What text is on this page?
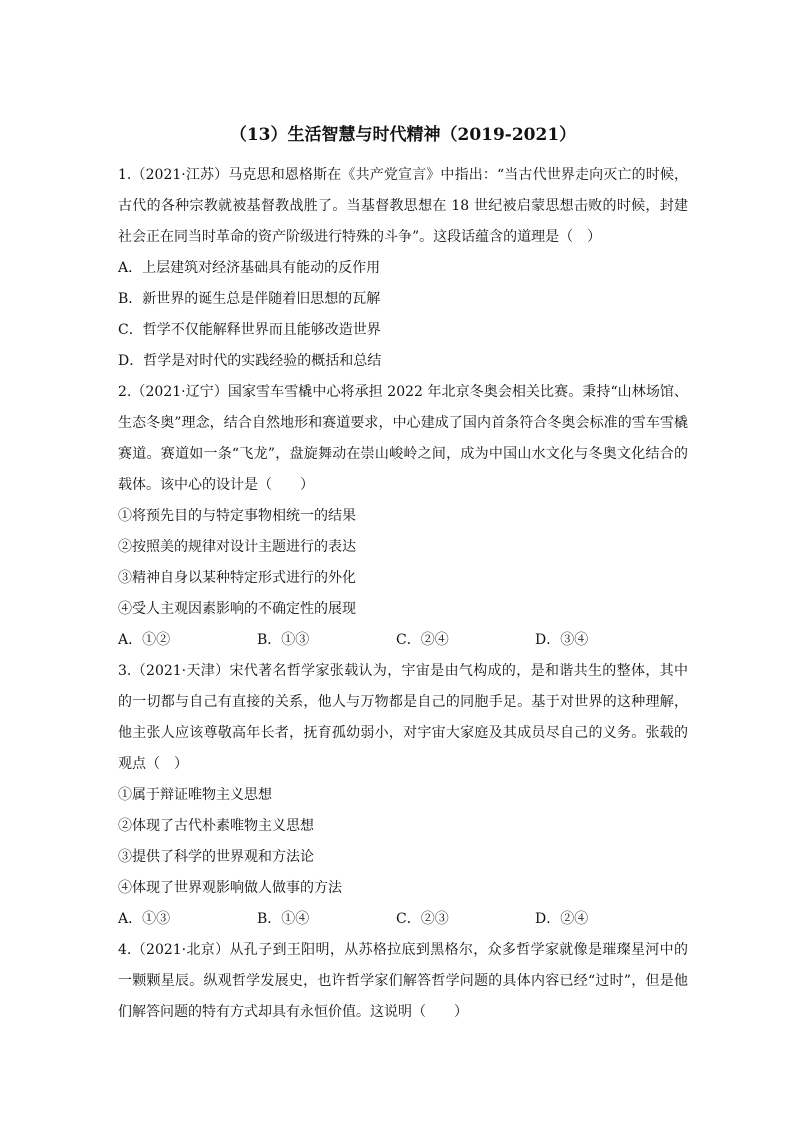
（13）生活智慧与时代精神（2019-2021）

1.（2021·江苏）马克思和恩格斯在《共产党宣言》中指出：“当古代世界走向灭亡的时候，古代的各种宗教就被基督教战胜了。当基督教思想在 18 世纪被启蒙思想击败的时候，封建社会正在同当时革命的资产阶级进行特殊的斗争”。这段话蕴含的道理是（　）

A．上层建筑对经济基础具有能动的反作用

B．新世界的诞生总是伴随着旧思想的瓦解

C．哲学不仅能解释世界而且能够改造世界

D．哲学是对时代的实践经验的概括和总结

2.（2021·辽宁）国家雪车雪橇中心将承担 2022 年北京冬奥会相关比赛。秉持“山林场馆、生态冬奥”理念，结合自然地形和赛道要求，中心建成了国内首条符合冬奥会标准的雪车雪橇赛道。赛道如一条“飞龙”，盘旋舞动在崇山峻岭之间，成为中国山水文化与冬奥文化结合的载体。该中心的设计是（　　）

①将预先目的与特定事物相统一的结果

②按照美的规律对设计主题进行的表达

③精神自身以某种特定形式进行的外化

④受人主观因素影响的不确定性的展现

A．①②	B．①③	C．②④	D．③④

3.（2021·天津）宋代著名哲学家张载认为，宇宙是由气构成的，是和谐共生的整体，其中的一切都与自己有直接的关系，他人与万物都是自己的同胞手足。基于对世界的这种理解，他主张人应该尊敬高年长者，抚育孤幼弱小，对宇宙大家庭及其成员尽自己的义务。张载的观点（　）

①属于辩证唯物主义思想

②体现了古代朴素唯物主义思想

③提供了科学的世界观和方法论

④体现了世界观影响做人做事的方法

A．①③	B．①④	C．②③	D．②④

4.（2021·北京）从孔子到王阳明，从苏格拉底到黑格尔，众多哲学家就像是璀璨星河中的一颗颗星辰。纵观哲学发展史，也许哲学家们解答哲学问题的具体内容已经“过时”，但是他们解答问题的特有方式却具有永恒价值。这说明（　　）
